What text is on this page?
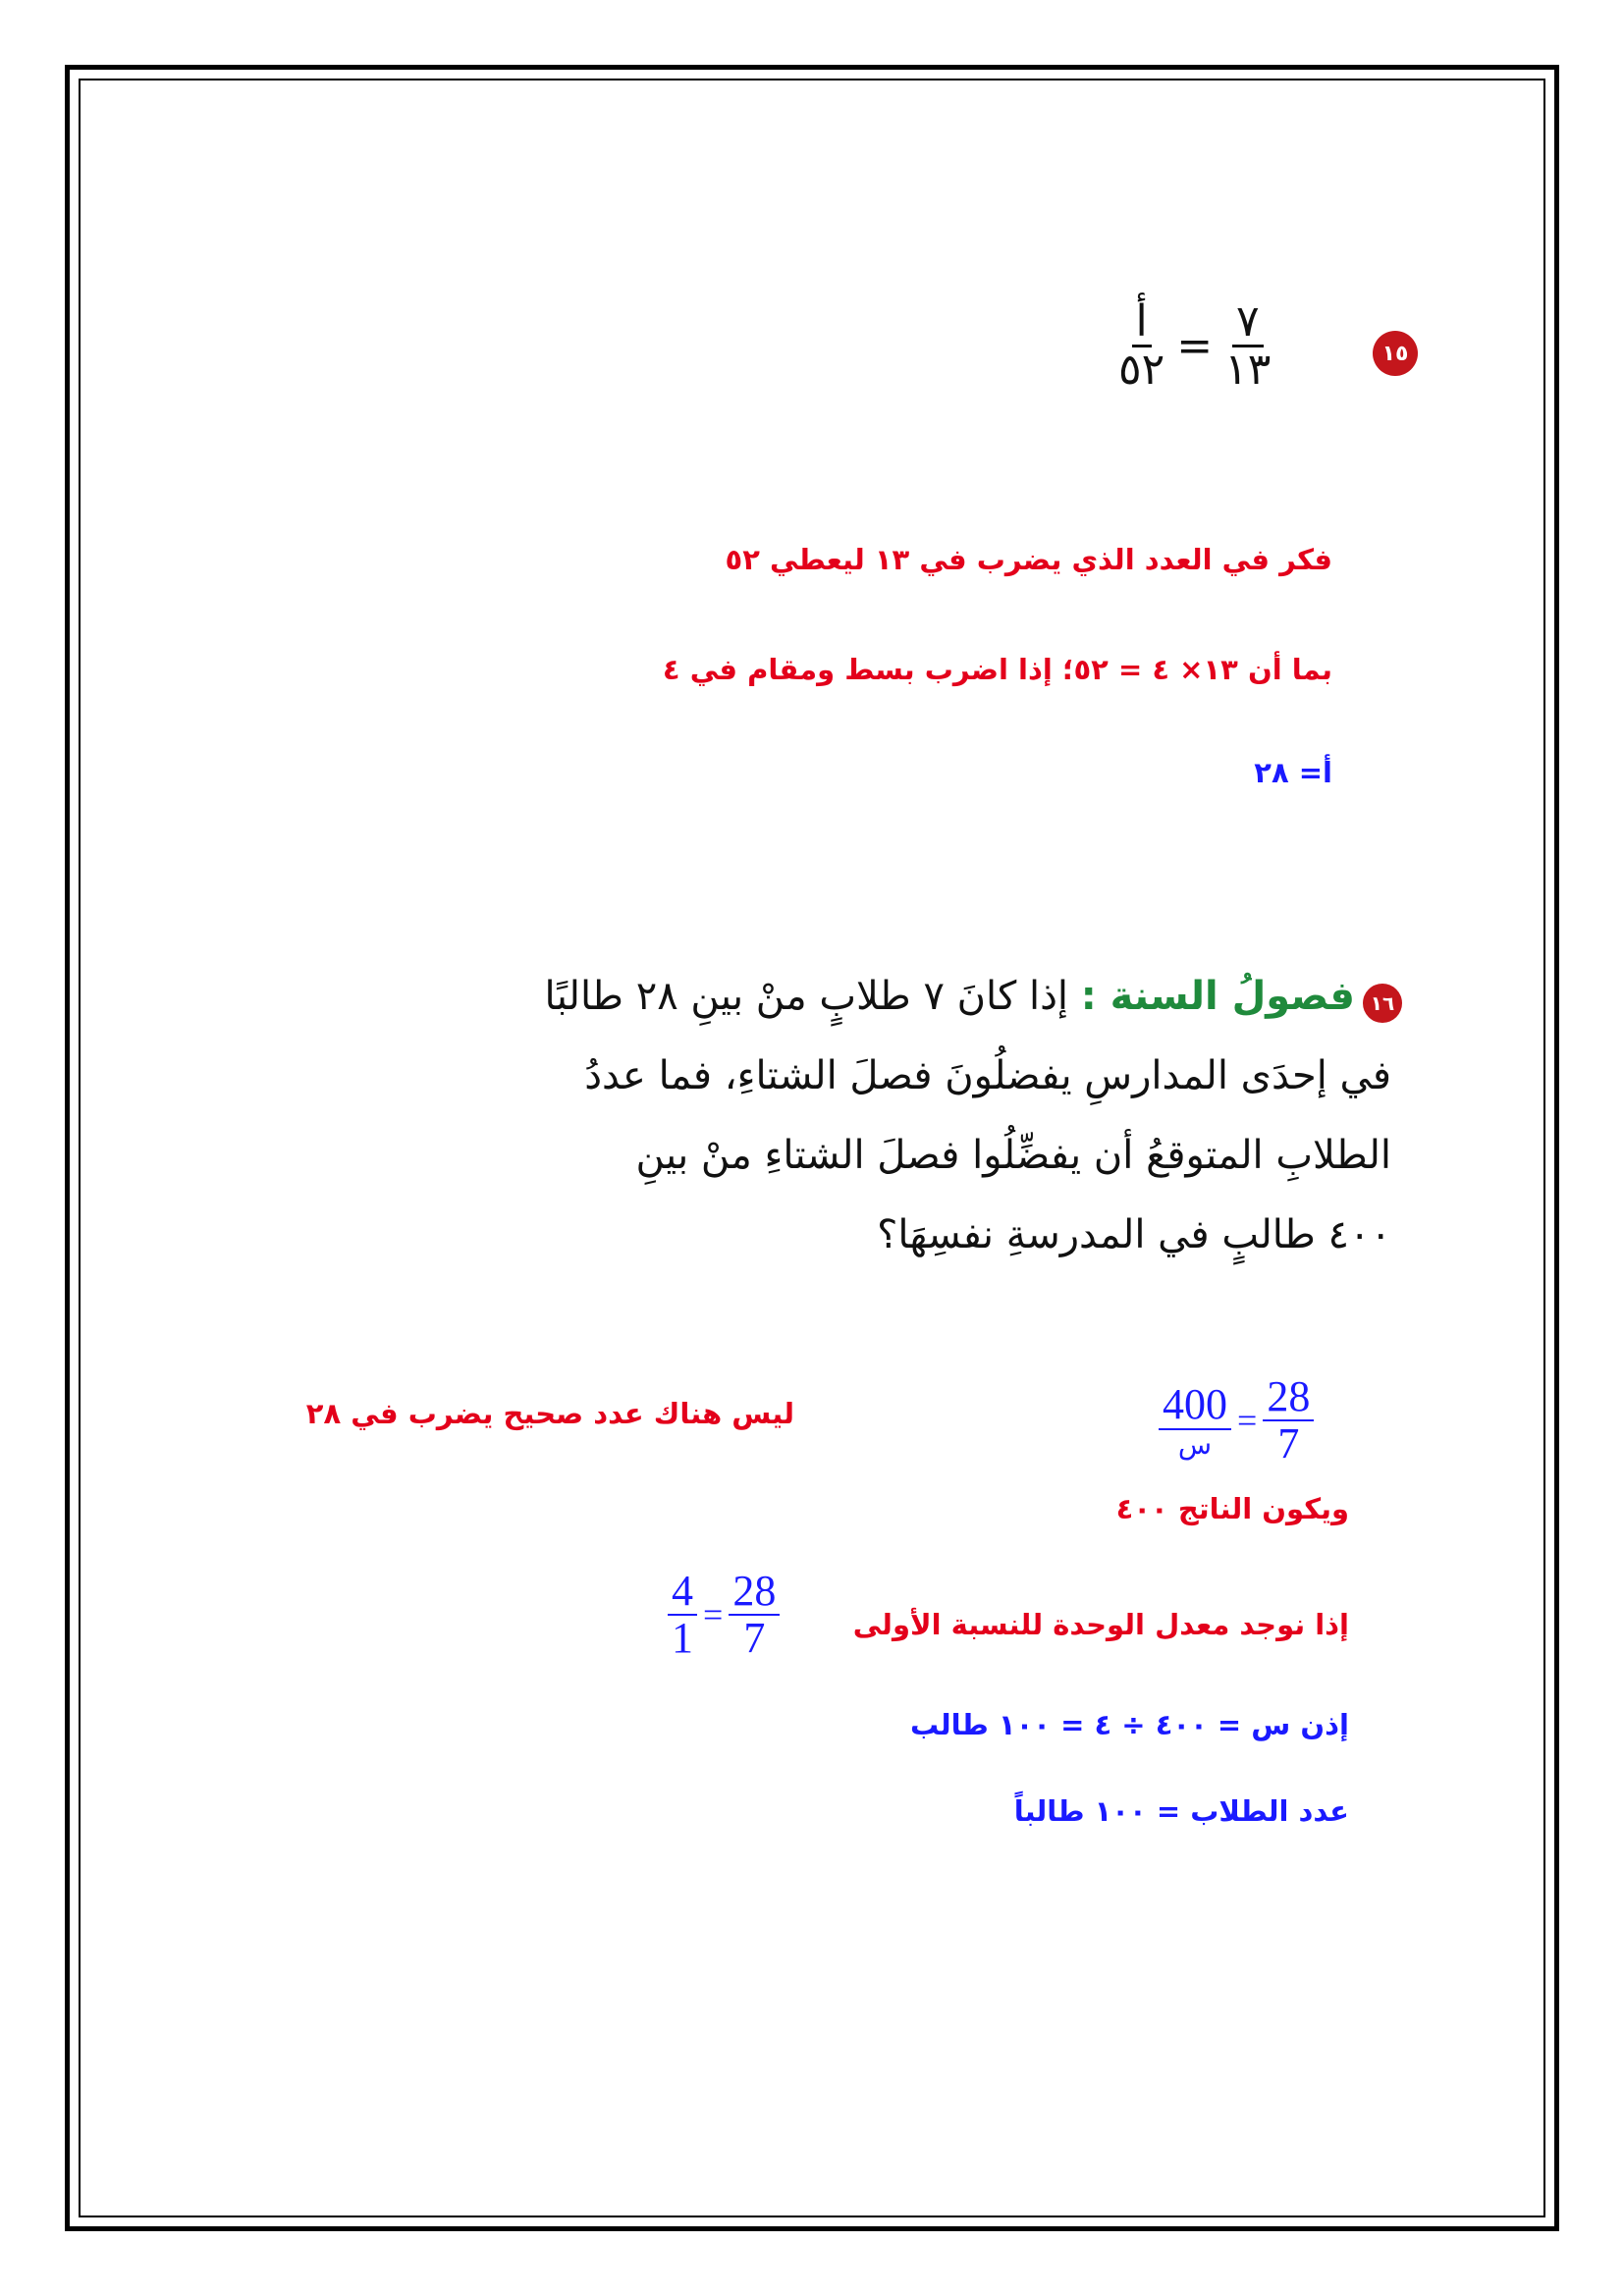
$\frac{\text{أ}}{٥٢} = \frac{٧}{١٣}$	١٥
فكر في العدد الذي يضرب في ١٣ ليعطي ٥٢
بما أن ١٣× ٤ = ٥٢؛ إذا اضرب بسط ومقام في ٤
أ= ٢٨
١٦
فصولُ السنة : إذا كانَ ٧ طلابٍ منْ بينِ ٢٨ طالبًا
في إحدَى المدارسِ يفضلُونَ فصلَ الشتاءِ، فما عددُ
الطلابِ المتوقعُ أن يفضِّلُوا فصلَ الشتاءِ منْ بينِ
٤٠٠ طالبٍ في المدرسةِ نفسِهَا؟
$\frac{400}{\text{س}} = \frac{28}{7}$
ليس هناك عدد صحيح يضرب في ٢٨
ويكون الناتج ٤٠٠
إذا نوجد معدل الوحدة للنسبة الأولى
$\frac{4}{1} = \frac{28}{7}$
إذن س = ٤٠٠ ÷ ٤ = ١٠٠ طالب
عدد الطلاب = ١٠٠ طالباً
